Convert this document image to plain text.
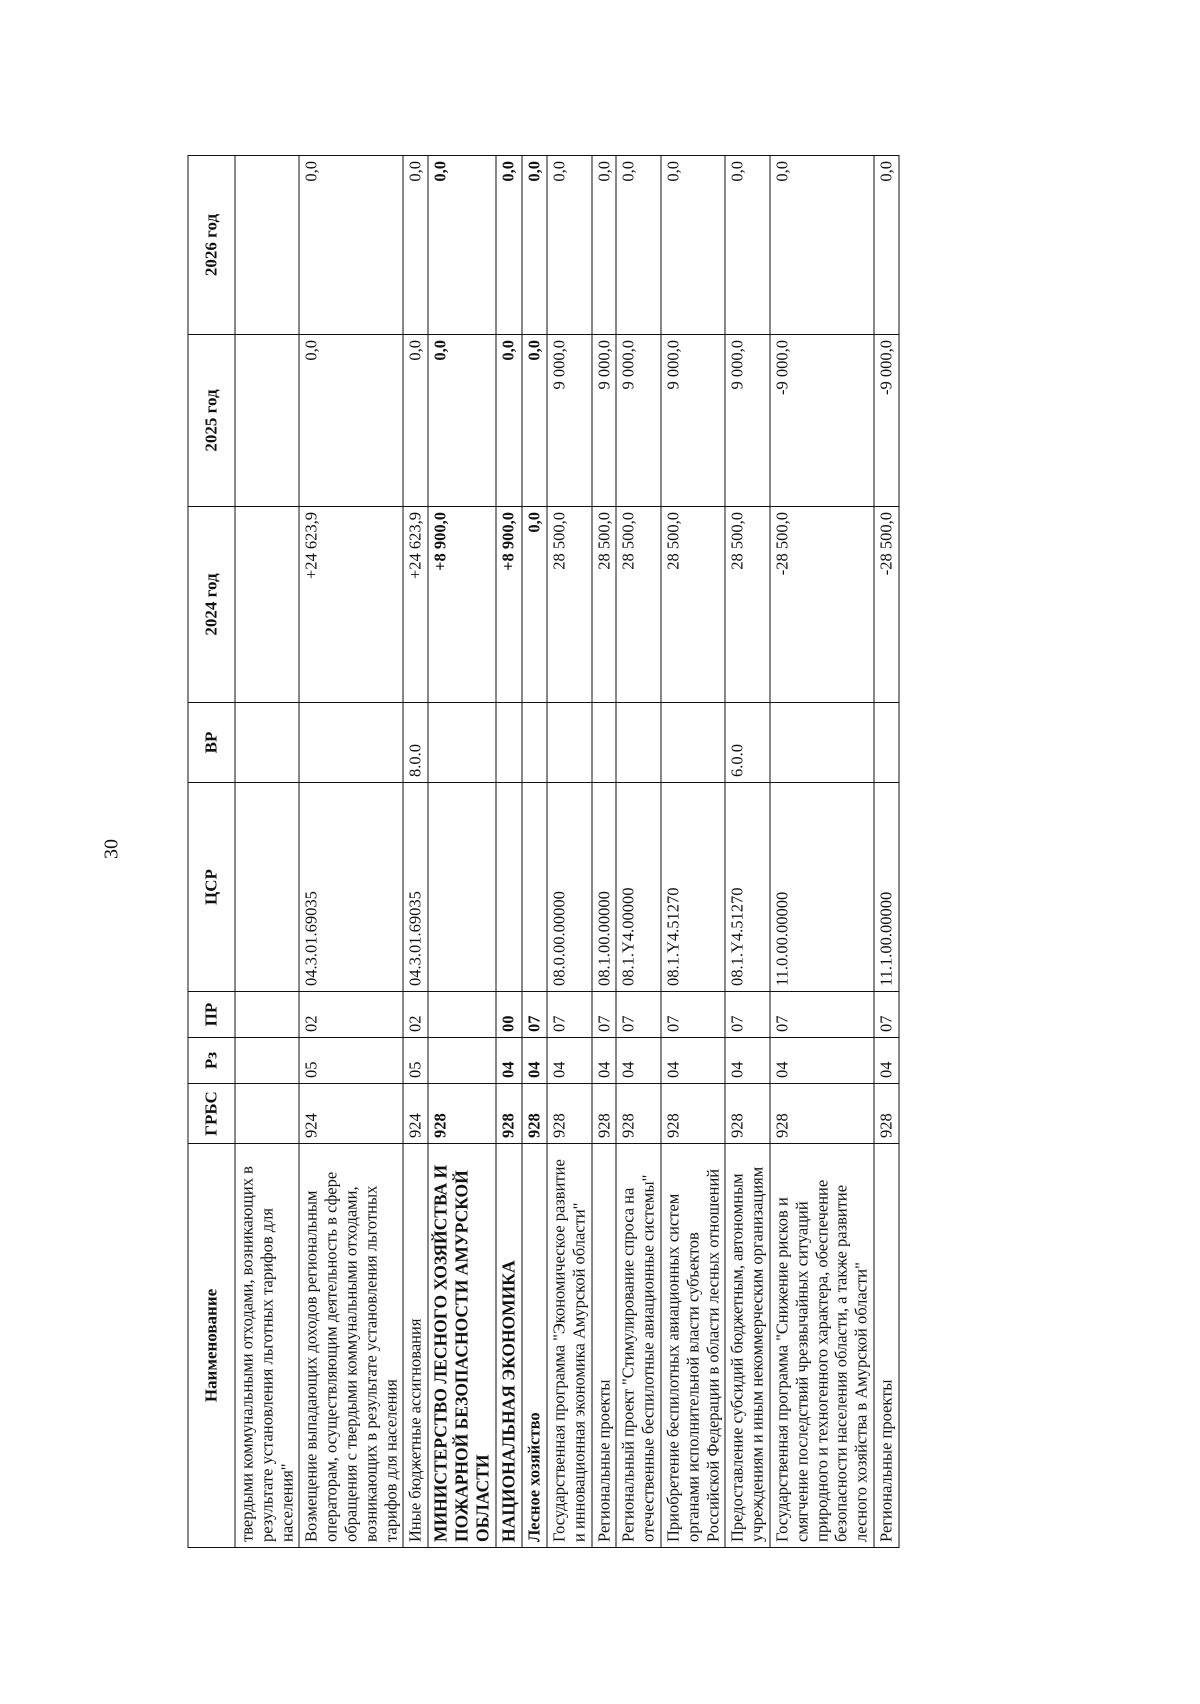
30
Наименование	ГРБС	Рз	ПР	ЦСР	ВР	2024 год	2025 год	2026 год
твердыми коммунальными отходами, возникающих в результате установления льготных тарифов для населения"								
Возмещение выпадающих доходов региональным операторам, осуществляющим деятельность в сфере обращения с твердыми коммунальными отходами, возникающих в результате установления льготных тарифов для населения	924	05	02	04.3.01.69035		+24 623,9	0,0	0,0
Иные бюджетные ассигнования	924	05	02	04.3.01.69035	8.0.0	+24 623,9	0,0	0,0
МИНИСТЕРСТВО ЛЕСНОГО ХОЗЯЙСТВА И ПОЖАРНОЙ БЕЗОПАСНОСТИ АМУРСКОЙ ОБЛАСТИ	928					+8 900,0	0,0	0,0
НАЦИОНАЛЬНАЯ ЭКОНОМИКА	928	04	00			+8 900,0	0,0	0,0
Лесное хозяйство	928	04	07			0,0	0,0	0,0
Государственная программа "Экономическое развитие и инновационная экономика Амурской области"	928	04	07	08.0.00.00000		28 500,0	9 000,0	0,0
Региональные проекты	928	04	07	08.1.00.00000		28 500,0	9 000,0	0,0
Региональный проект "Стимулирование спроса на отечественные беспилотные авиационные системы"	928	04	07	08.1.Y4.00000		28 500,0	9 000,0	0,0
Приобретение беспилотных авиационных систем органами исполнительной власти субъектов Российской Федерации в области лесных отношений	928	04	07	08.1.Y4.51270		28 500,0	9 000,0	0,0
Предоставление субсидий бюджетным, автономным учреждениям и иным некоммерческим организациям	928	04	07	08.1.Y4.51270	6.0.0	28 500,0	9 000,0	0,0
Государственная программа "Снижение рисков и смягчение последствий чрезвычайных ситуаций природного и техногенного характера, обеспечение безопасности населения области, а также развитие лесного хозяйства в Амурской области"	928	04	07	11.0.00.00000		-28 500,0	-9 000,0	0,0
Региональные проекты	928	04	07	11.1.00.00000		-28 500,0	-9 000,0	0,0
